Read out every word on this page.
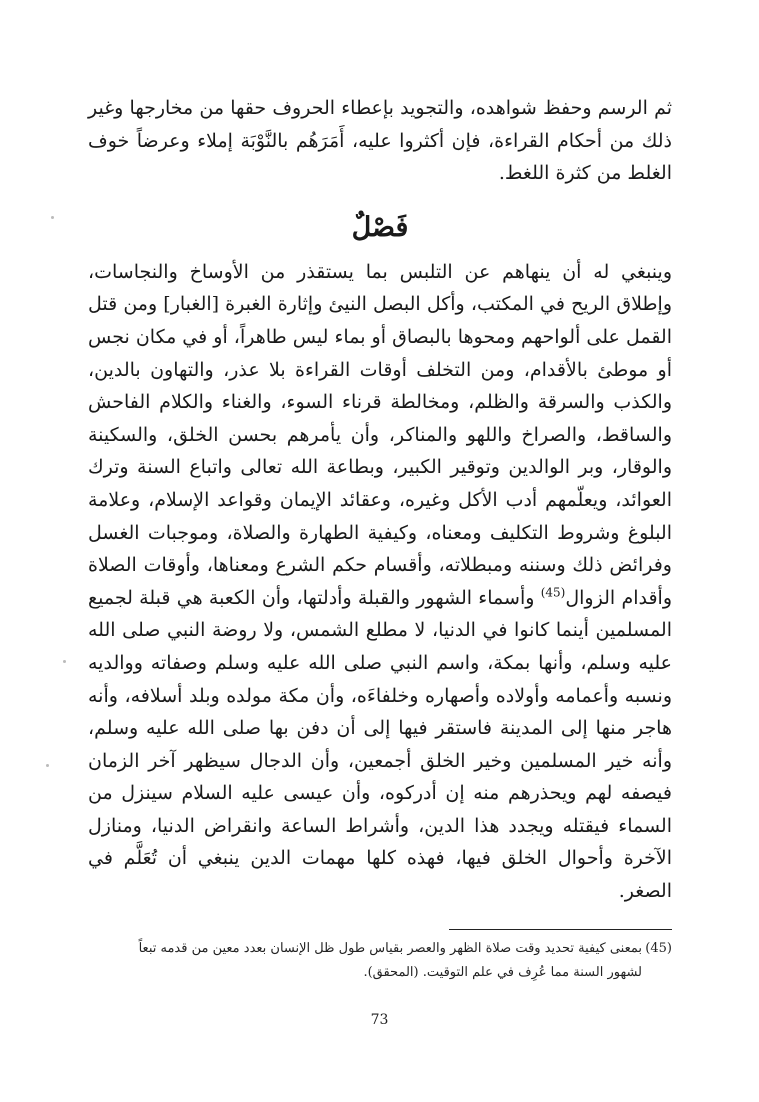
ثم الرسم وحفظ شواهده، والتجويد بإعطاء الحروف حقها من مخارجها وغير ذلك من أحكام القراءة، فإن أكثروا عليه، أَمَرَهُم بالنَّوْبَة إملاء وعرضاً خوف الغلط من كثرة اللغط.

فَصْلٌ

وينبغي له أن ينهاهم عن التلبس بما يستقذر من الأوساخ والنجاسات، وإطلاق الريح في المكتب، وأكل البصل النيئ وإثارة الغبرة [الغبار] ومن قتل القمل على ألواحهم ومحوها بالبصاق أو بماء ليس طاهراً، أو في مكان نجس أو موطئ بالأقدام، ومن التخلف أوقات القراءة بلا عذر، والتهاون بالدين، والكذب والسرقة والظلم، ومخالطة قرناء السوء، والغناء والكلام الفاحش والساقط، والصراخ واللهو والمناكر، وأن يأمرهم بحسن الخلق، والسكينة والوقار، وبر الوالدين وتوقير الكبير، وبطاعة الله تعالى واتباع السنة وترك العوائد، ويعلّمهم أدب الأكل وغيره، وعقائد الإيمان وقواعد الإسلام، وعلامة البلوغ وشروط التكليف ومعناه، وكيفية الطهارة والصلاة، وموجبات الغسل وفرائض ذلك وسننه ومبطلاته، وأقسام حكم الشرع ومعناها، وأوقات الصلاة وأقدام الزوال$^{(45)}$ وأسماء الشهور والقبلة وأدلتها، وأن الكعبة هي قبلة لجميع المسلمين أينما كانوا في الدنيا، لا مطلع الشمس، ولا روضة النبي صلى الله عليه وسلم، وأنها بمكة، واسم النبي صلى الله عليه وسلم وصفاته ووالديه ونسبه وأعمامه وأولاده وأصهاره وخلفاءَه، وأن مكة مولده وبلد أسلافه، وأنه هاجر منها إلى المدينة فاستقر فيها إلى أن دفن بها صلى الله عليه وسلم، وأنه خير المسلمين وخير الخلق أجمعين، وأن الدجال سيظهر آخر الزمان فيصفه لهم ويحذرهم منه إن أدركوه، وأن عيسى عليه السلام سينزل من السماء فيقتله ويجدد هذا الدين، وأشراط الساعة وانقراض الدنيا، ومنازل الآخرة وأحوال الخلق فيها، فهذه كلها مهمات الدين ينبغي أن تُعَلَّم في الصغر.

(45)بمعنى كيفية تحديد وقت صلاة الظهر والعصر بقياس طول ظل الإنسان بعدد معين من قدمه تبعاً
لشهور السنة مما عُرِف في علم التوقيت. (المحقق).
73
